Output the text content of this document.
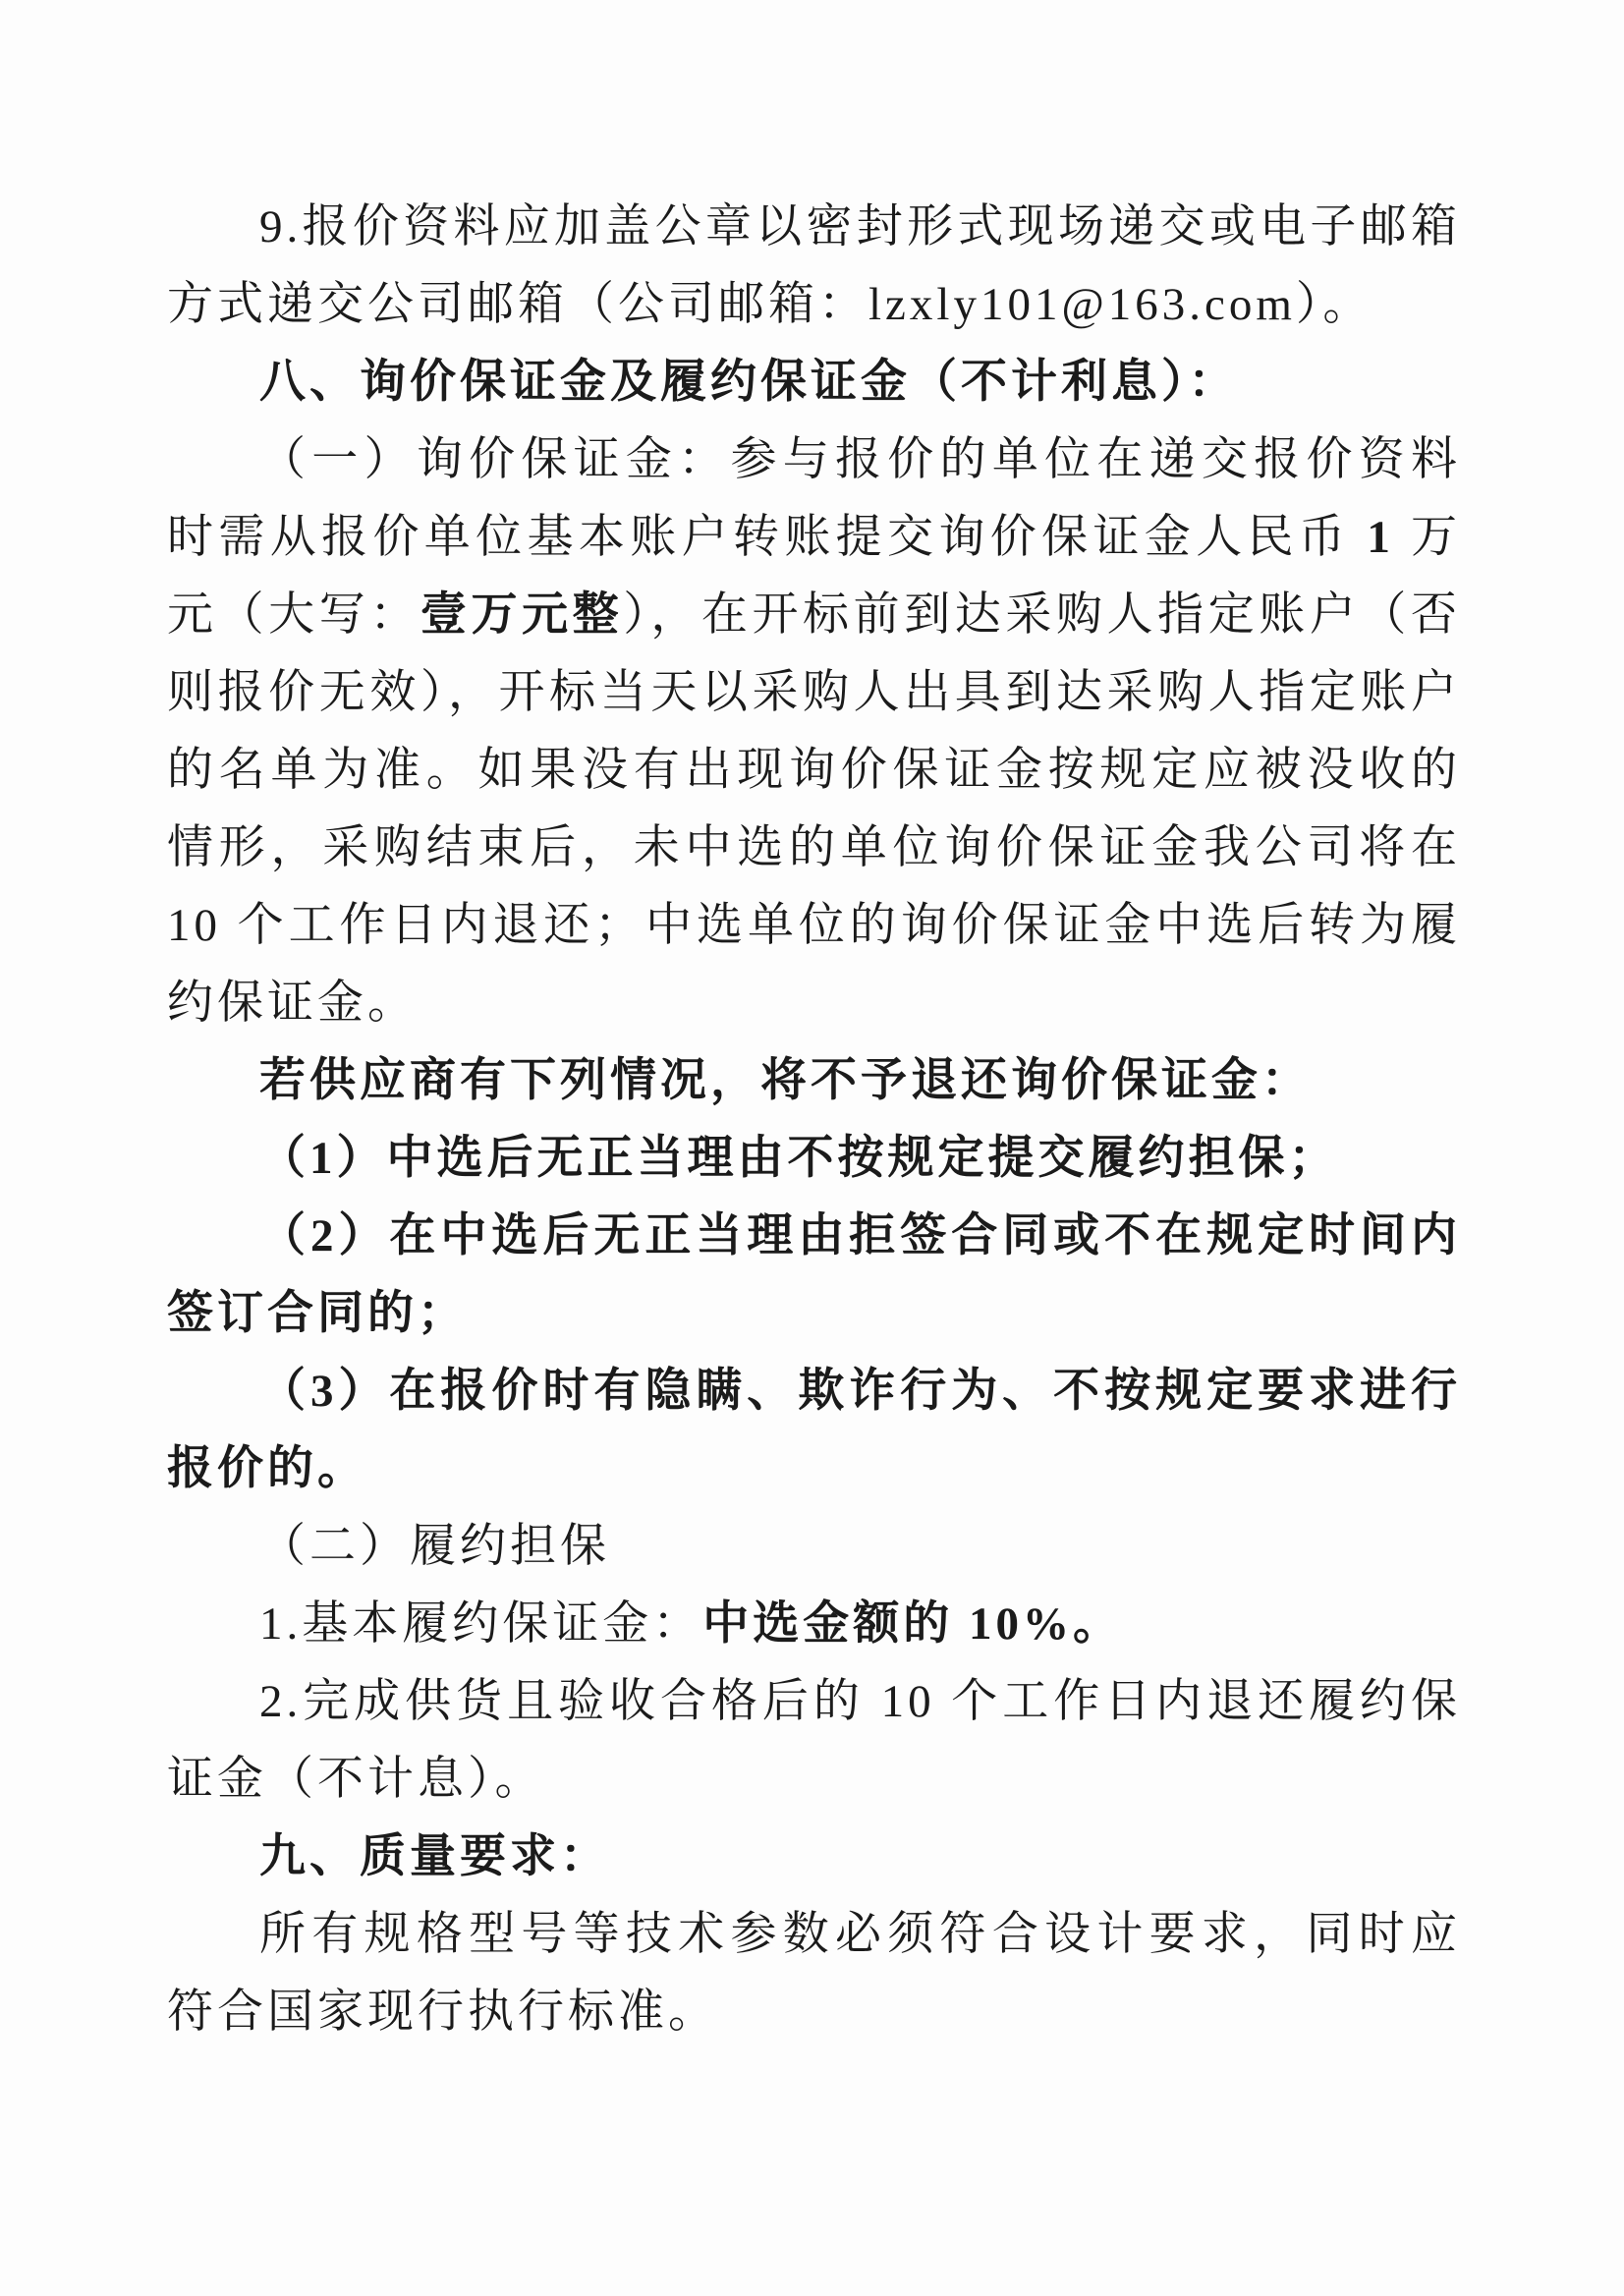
9.报价资料应加盖公章以密封形式现场递交或电子邮箱方式递交公司邮箱（公司邮箱：lzxly101@163.com）。

八、询价保证金及履约保证金（不计利息）：

（一）询价保证金：参与报价的单位在递交报价资料时需从报价单位基本账户转账提交询价保证金人民币 1 万元（大写：壹万元整），在开标前到达采购人指定账户（否则报价无效），开标当天以采购人出具到达采购人指定账户的名单为准。如果没有出现询价保证金按规定应被没收的情形，采购结束后，未中选的单位询价保证金我公司将在 10 个工作日内退还；中选单位的询价保证金中选后转为履约保证金。

若供应商有下列情况，将不予退还询价保证金：

（1）中选后无正当理由不按规定提交履约担保；

（2）在中选后无正当理由拒签合同或不在规定时间内签订合同的；

（3）在报价时有隐瞒、欺诈行为、不按规定要求进行报价的。

（二）履约担保

1.基本履约保证金：中选金额的 10%。

2.完成供货且验收合格后的 10 个工作日内退还履约保证金（不计息）。

九、质量要求：

所有规格型号等技术参数必须符合设计要求，同时应符合国家现行执行标准。
